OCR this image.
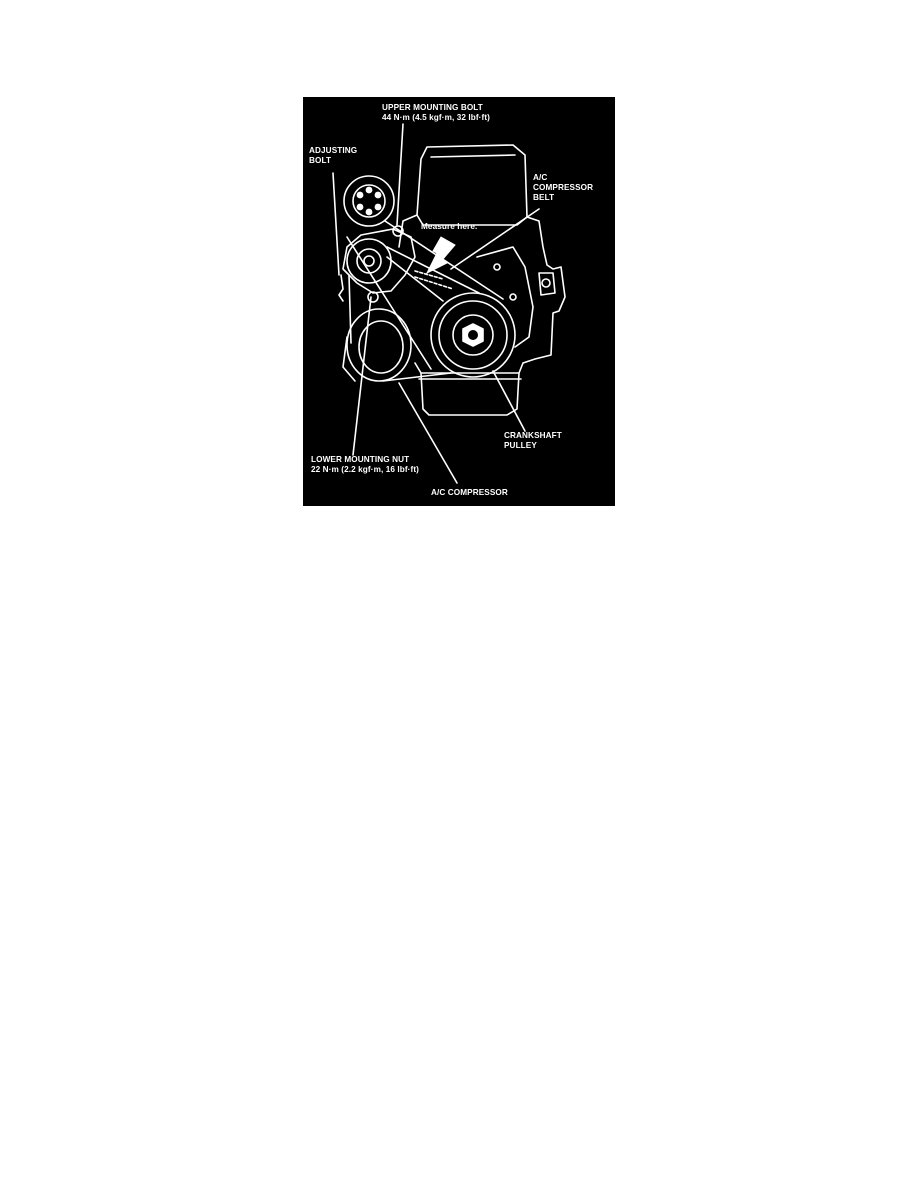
UPPER MOUNTING BOLT
44 N·m (4.5 kgf·m, 32 lbf·ft)
ADJUSTING
BOLT
A/C
COMPRESSOR
BELT
Measure here.
CRANKSHAFT
PULLEY
LOWER MOUNTING NUT
22 N·m (2.2 kgf·m, 16 lbf·ft)
A/C COMPRESSOR
